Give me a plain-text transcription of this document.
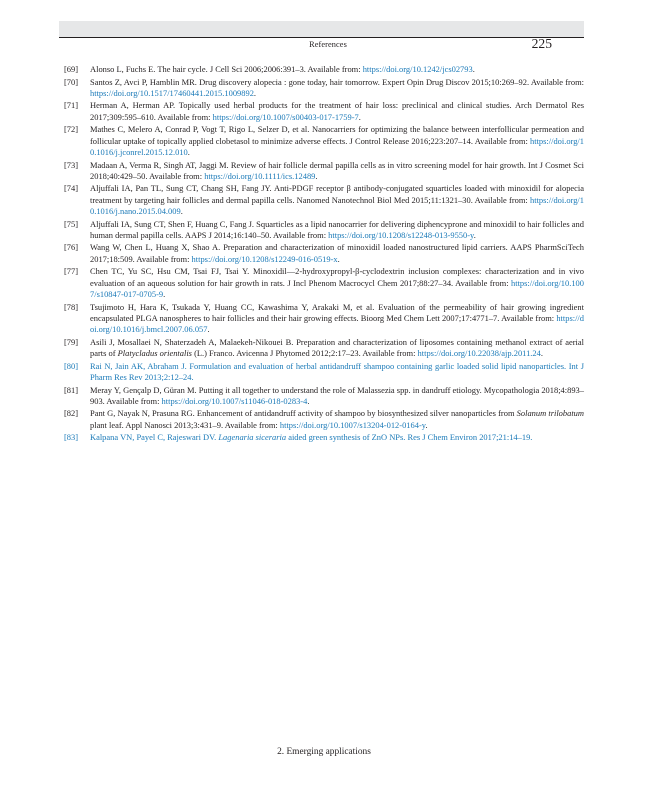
References	225
[69] Alonso L, Fuchs E. The hair cycle. J Cell Sci 2006;2006:391–3. Available from: https://doi.org/10.1242/jcs02793.
[70] Santos Z, Avci P, Hamblin MR. Drug discovery alopecia : gone today, hair tomorrow. Expert Opin Drug Discov 2015;10:269–92. Available from: https://doi.org/10.1517/17460441.2015.1009892.
[71] Herman A, Herman AP. Topically used herbal products for the treatment of hair loss: preclinical and clinical studies. Arch Dermatol Res 2017;309:595–610. Available from: https://doi.org/10.1007/s00403-017-1759-7.
[72] Mathes C, Melero A, Conrad P, Vogt T, Rigo L, Selzer D, et al. Nanocarriers for optimizing the balance between interfollicular permeation and follicular uptake of topically applied clobetasol to minimize adverse effects. J Control Release 2016;223:207–14. Available from: https://doi.org/10.1016/j.jconrel.2015.12.010.
[73] Madaan A, Verma R, Singh AT, Jaggi M. Review of hair follicle dermal papilla cells as in vitro screening model for hair growth. Int J Cosmet Sci 2018;40:429–50. Available from: https://doi.org/10.1111/ics.12489.
[74] Aljuffali IA, Pan TL, Sung CT, Chang SH, Fang JY. Anti-PDGF receptor β antibody-conjugated squarticles loaded with minoxidil for alopecia treatment by targeting hair follicles and dermal papilla cells. Nanomed Nanotechnol Biol Med 2015;11:1321–30. Available from: https://doi.org/10.1016/j.nano.2015.04.009.
[75] Aljuffali IA, Sung CT, Shen F, Huang C, Fang J. Squarticles as a lipid nanocarrier for delivering diphencyprone and minoxidil to hair follicles and human dermal papilla cells. AAPS J 2014;16:140–50. Available from: https://doi.org/10.1208/s12248-013-9550-y.
[76] Wang W, Chen L, Huang X, Shao A. Preparation and characterization of minoxidil loaded nanostructured lipid carriers. AAPS PharmSciTech 2017;18:509. Available from: https://doi.org/10.1208/s12249-016-0519-x.
[77] Chen TC, Yu SC, Hsu CM, Tsai FJ, Tsai Y. Minoxidil—2-hydroxypropyl-β-cyclodextrin inclusion complexes: characterization and in vivo evaluation of an aqueous solution for hair growth in rats. J Incl Phenom Macrocycl Chem 2017;88:27–34. Available from: https://doi.org/10.1007/s10847-017-0705-9.
[78] Tsujimoto H, Hara K, Tsukada Y, Huang CC, Kawashima Y, Arakaki M, et al. Evaluation of the permeability of hair growing ingredient encapsulated PLGA nanospheres to hair follicles and their hair growing effects. Bioorg Med Chem Lett 2007;17:4771–7. Available from: https://doi.org/10.1016/j.bmcl.2007.06.057.
[79] Asili J, Mosallaei N, Shaterzadeh A, Malaekeh-Nikouei B. Preparation and characterization of liposomes containing methanol extract of aerial parts of Platycladus orientalis (L.) Franco. Avicenna J Phytomed 2012;2:17–23. Available from: https://doi.org/10.22038/ajp.2011.24.
[80] Rai N, Jain AK, Abraham J. Formulation and evaluation of herbal antidandruff shampoo containing garlic loaded solid lipid nanoparticles. Int J Pharm Res Rev 2013;2:12–24.
[81] Meray Y, Gençalp D, Güran M. Putting it all together to understand the role of Malassezia spp. in dandruff etiology. Mycopathologia 2018;4:893–903. Available from: https://doi.org/10.1007/s11046-018-0283-4.
[82] Pant G, Nayak N, Prasuna RG. Enhancement of antidandruff activity of shampoo by biosynthesized silver nanoparticles from Solanum trilobatum plant leaf. Appl Nanosci 2013;3:431–9. Available from: https://doi.org/10.1007/s13204-012-0164-y.
[83] Kalpana VN, Payel C, Rajeswari DV. Lagenaria siceraria aided green synthesis of ZnO NPs. Res J Chem Environ 2017;21:14–19.
2. Emerging applications
